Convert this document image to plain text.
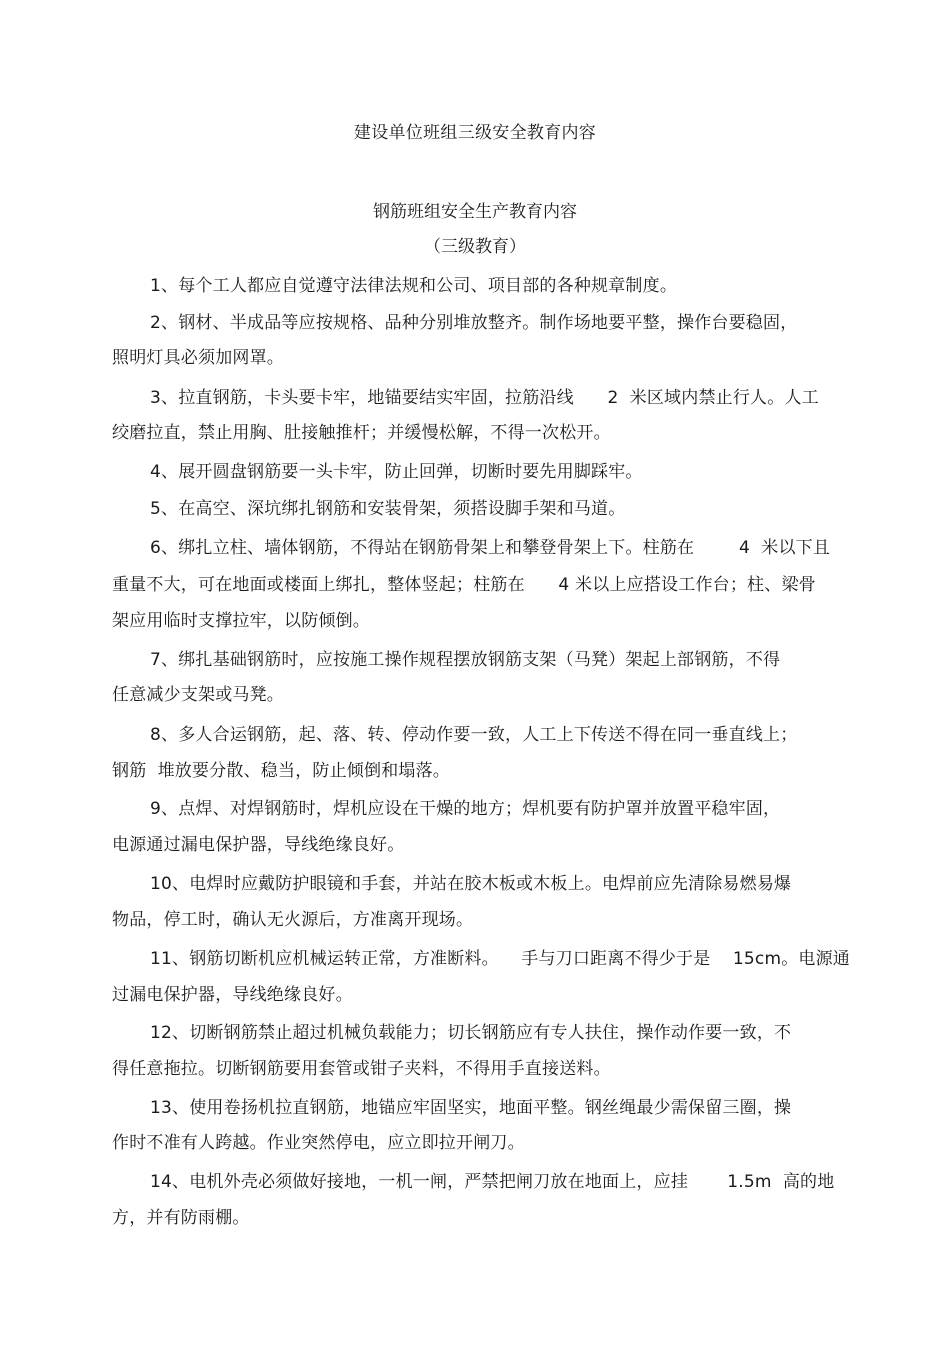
建设单位班组三级安全教育内容
钢筋班组安全生产教育内容
（三级教育）
1、每个工人都应自觉遵守法律法规和公司、项目部的各种规章制度。
2、钢材、半成品等应按规格、品种分别堆放整齐。制作场地要平整，操作台要稳固，
照明灯具必须加网罩。
3、拉直钢筋，卡头要卡牢，地锚要结实牢固，拉筋沿线      2  米区域内禁止行人。人工
绞磨拉直，禁止用胸、肚接触推杆；并缓慢松解，不得一次松开。
4、展开圆盘钢筋要一头卡牢，防止回弹，切断时要先用脚踩牢。
5、在高空、深坑绑扎钢筋和安装骨架，须搭设脚手架和马道。
6、绑扎立柱、墙体钢筋，不得站在钢筋骨架上和攀登骨架上下。柱筋在        4  米以下且
重量不大，可在地面或楼面上绑扎，整体竖起；柱筋在      4 米以上应搭设工作台；柱、梁骨
架应用临时支撑拉牢，以防倾倒。
7、绑扎基础钢筋时，应按施工操作规程摆放钢筋支架（马凳）架起上部钢筋，不得
任意减少支架或马凳。
8、多人合运钢筋，起、落、转、停动作要一致，人工上下传送不得在同一垂直线上；
钢筋  堆放要分散、稳当，防止倾倒和塌落。
9、点焊、对焊钢筋时，焊机应设在干燥的地方；焊机要有防护罩并放置平稳牢固，
电源通过漏电保护器，导线绝缘良好。
10、电焊时应戴防护眼镜和手套，并站在胶木板或木板上。电焊前应先清除易燃易爆
物品，停工时，确认无火源后，方准离开现场。
11、钢筋切断机应机械运转正常，方准断料。    手与刀口距离不得少于是    15cm。电源通
过漏电保护器，导线绝缘良好。
12、切断钢筋禁止超过机械负载能力；切长钢筋应有专人扶住，操作动作要一致，不
得任意拖拉。切断钢筋要用套管或钳子夹料，不得用手直接送料。
13、使用卷扬机拉直钢筋，地锚应牢固坚实，地面平整。钢丝绳最少需保留三圈，操
作时不准有人跨越。作业突然停电，应立即拉开闸刀。
14、电机外壳必须做好接地，一机一闸，严禁把闸刀放在地面上，应挂       1.5m  高的地
方，并有防雨棚。
